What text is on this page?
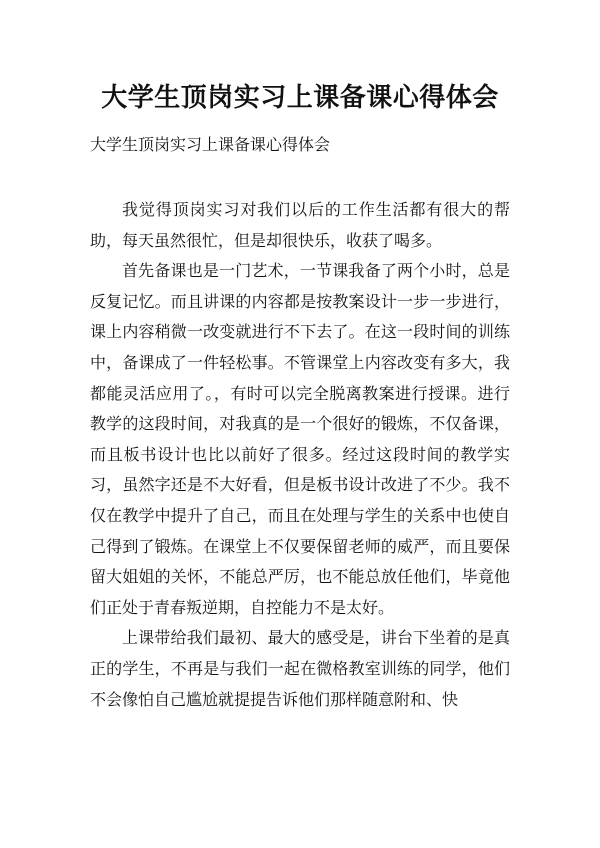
大学生顶岗实习上课备课心得体会
大学生顶岗实习上课备课心得体会

我觉得顶岗实习对我们以后的工作生活都有很大的帮助，每天虽然很忙，但是却很快乐，收获了喝多。

首先备课也是一门艺术，一节课我备了两个小时，总是反复记忆。而且讲课的内容都是按教案设计一步一步进行，课上内容稍微一改变就进行不下去了。在这一段时间的训练中，备课成了一件轻松事。不管课堂上内容改变有多大，我都能灵活应用了。，有时可以完全脱离教案进行授课。进行教学的这段时间，对我真的是一个很好的锻炼，不仅备课，而且板书设计也比以前好了很多。经过这段时间的教学实习，虽然字还是不大好看，但是板书设计改进了不少。我不仅在教学中提升了自己，而且在处理与学生的关系中也使自己得到了锻炼。在课堂上不仅要保留老师的威严，而且要保留大姐姐的关怀，不能总严厉，也不能总放任他们，毕竟他们正处于青春叛逆期，自控能力不是太好。

上课带给我们最初、最大的感受是，讲台下坐着的是真正的学生，不再是与我们一起在微格教室训练的同学，他们不会像怕自己尴尬就提提告诉他们那样随意附和、快
